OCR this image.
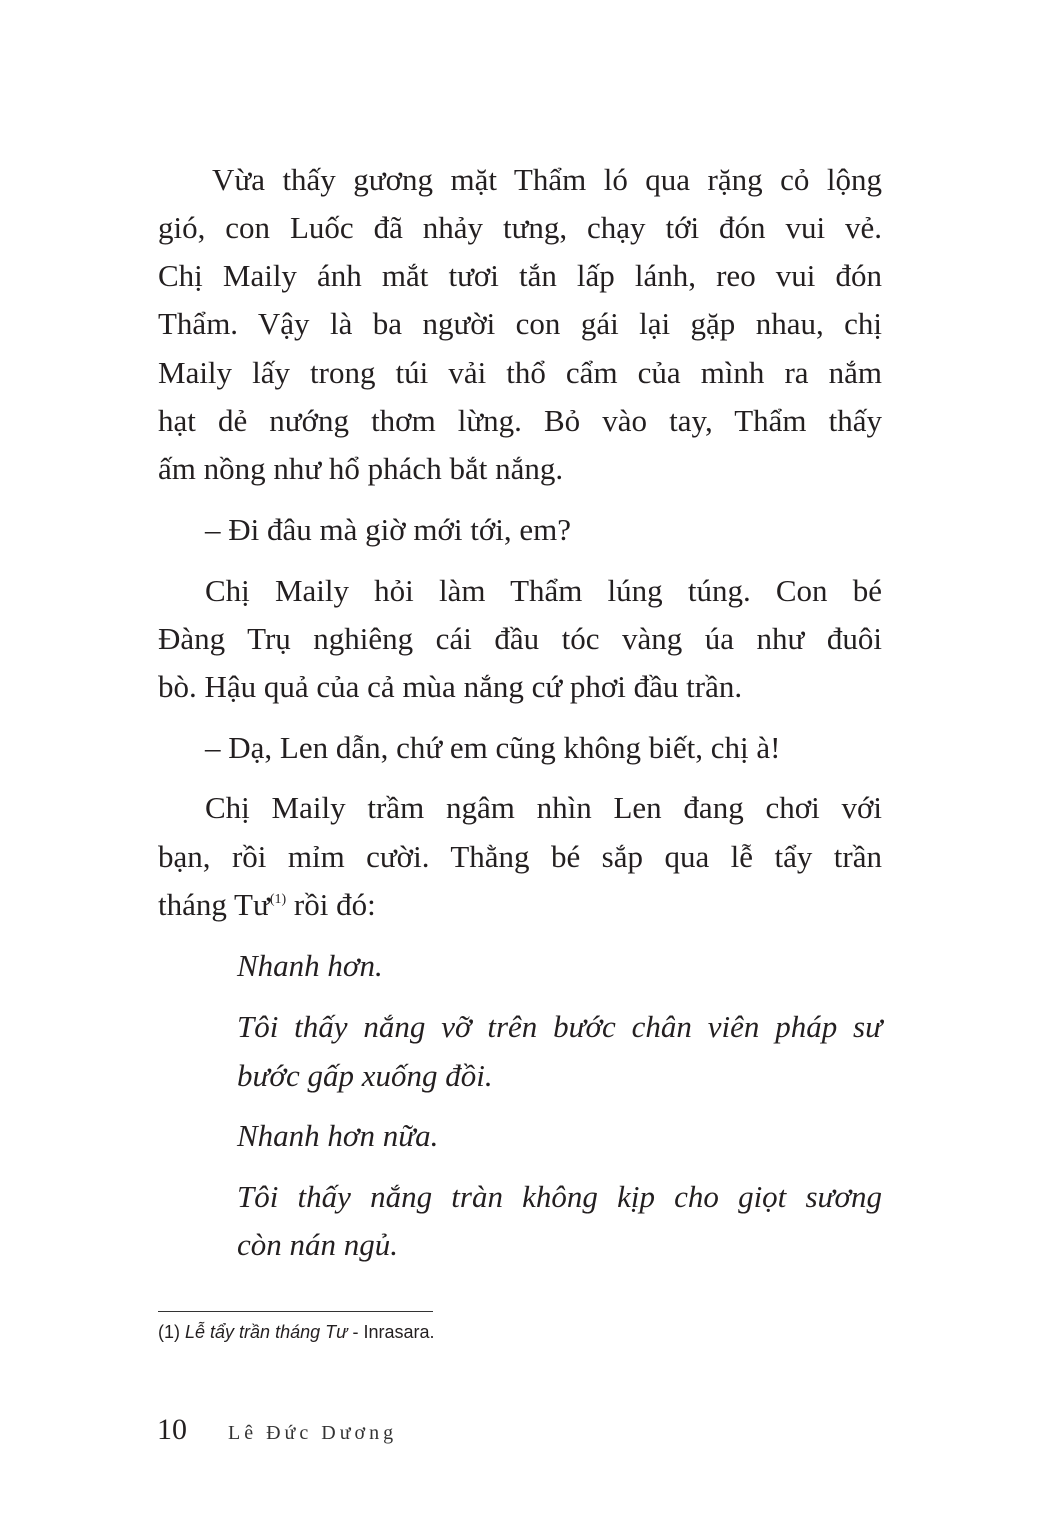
Vừa thấy gương mặt Thẩm ló qua rặng cỏ lộng
gió, con Luốc đã nhảy tưng, chạy tới đón vui vẻ.
Chị Maily ánh mắt tươi tắn lấp lánh, reo vui đón
Thẩm. Vậy là ba người con gái lại gặp nhau, chị
Maily lấy trong túi vải thổ cẩm của mình ra nắm
hạt dẻ nướng thơm lừng. Bỏ vào tay, Thẩm thấy
ấm nồng như hổ phách bắt nắng.
– Đi đâu mà giờ mới tới, em?
Chị Maily hỏi làm Thẩm lúng túng. Con bé
Đàng Trụ nghiêng cái đầu tóc vàng úa như đuôi
bò. Hậu quả của cả mùa nắng cứ phơi đầu trần.
– Dạ, Len dẫn, chứ em cũng không biết, chị à!
Chị Maily trầm ngâm nhìn Len đang chơi với
bạn, rồi mỉm cười. Thằng bé sắp qua lễ tẩy trần
tháng $Tư^{(1)}$ rồi đó:
Nhanh hơn.
Tôi thấy nắng vỡ trên bước chân viên pháp sư
bước gấp xuống đồi.
Nhanh hơn nữa.
Tôi thấy nắng tràn không kịp cho giọt sương
còn nán ngủ.
(1) Lễ tẩy trần tháng Tư - Inrasara.
10 Lê Đức Dương
